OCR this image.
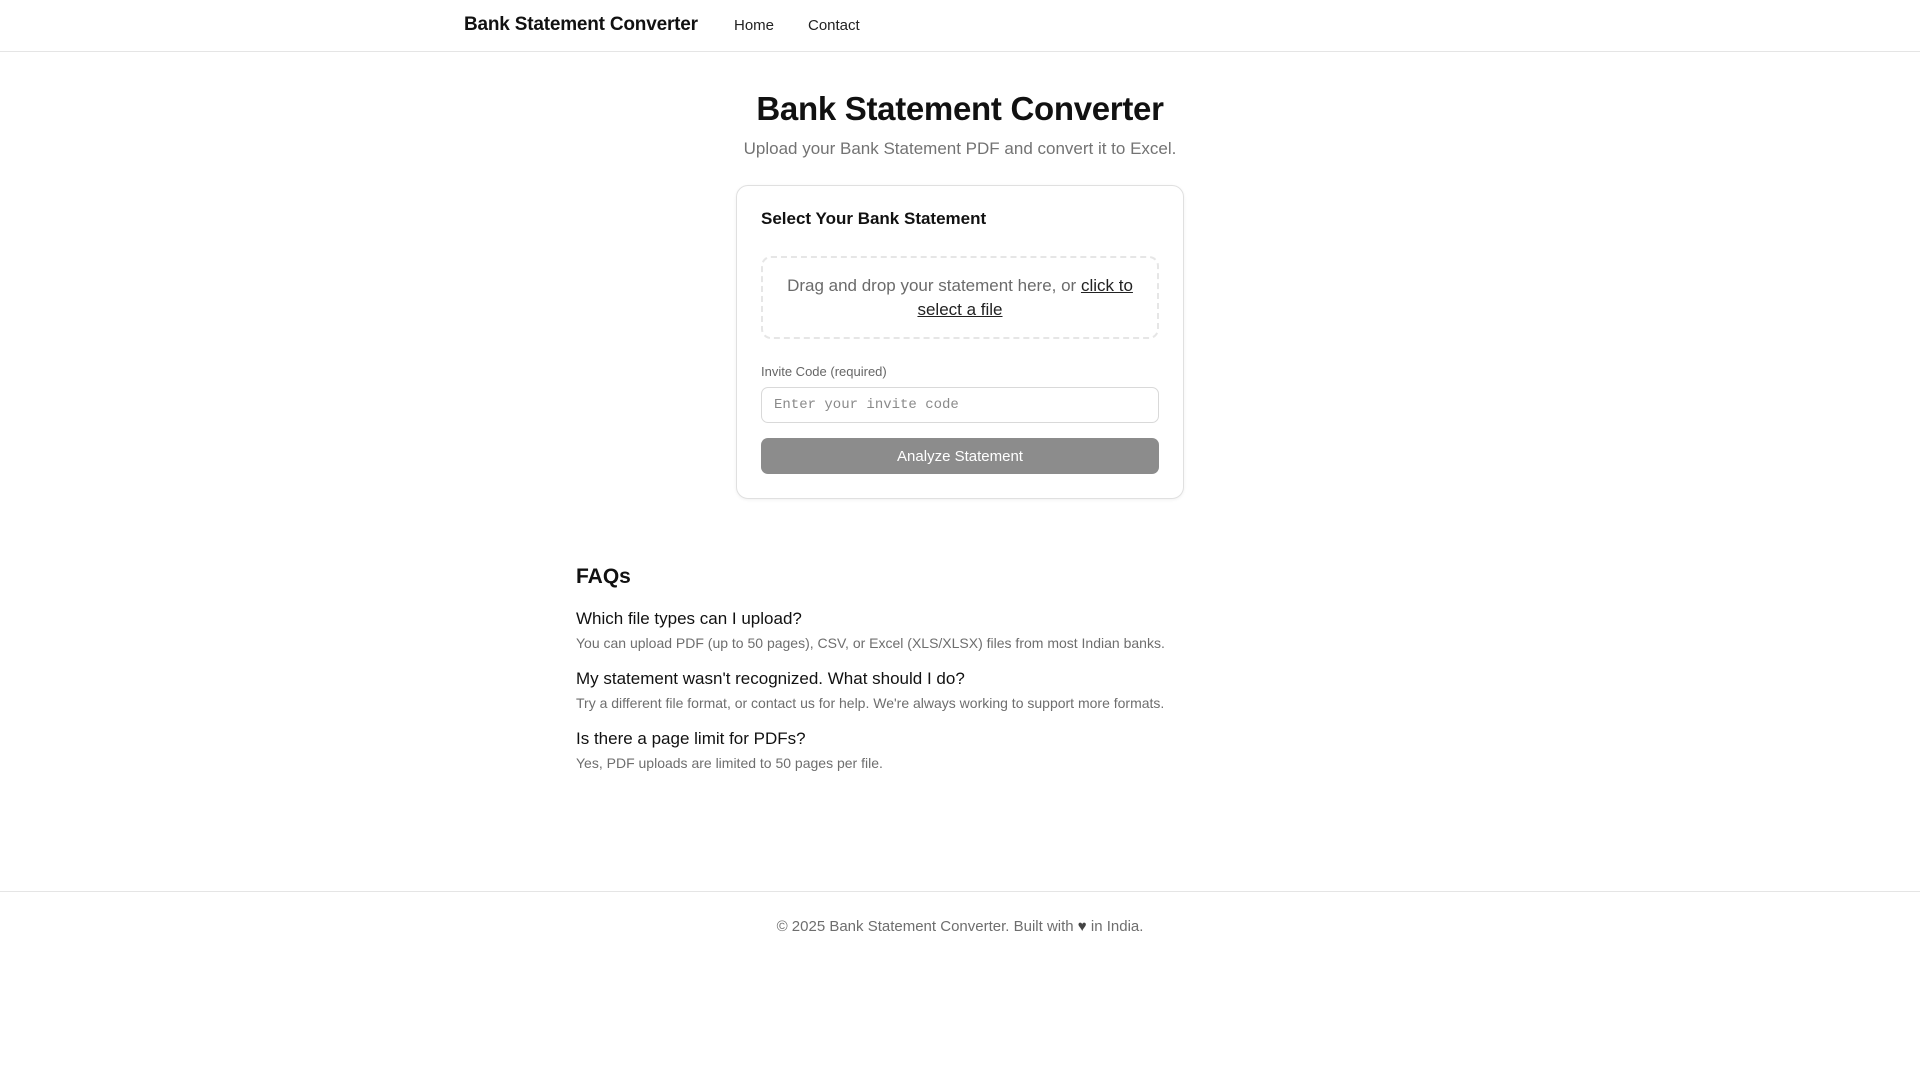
Bank Statement Converter Home Contact
Bank Statement Converter

Upload your Bank Statement PDF and convert it to Excel.

Select Your Bank Statement
Drag and drop your statement here, or click to select a file
Invite Code (required)
Enter your invite code
Analyze Statement
FAQs
Which file types can I upload?
You can upload PDF (up to 50 pages), CSV, or Excel (XLS/XLSX) files from most Indian banks.
My statement wasn't recognized. What should I do?
Try a different file format, or contact us for help. We're always working to support more formats.
Is there a page limit for PDFs?
Yes, PDF uploads are limited to 50 pages per file.

© 2025 Bank Statement Converter. Built with ♥ in India.
